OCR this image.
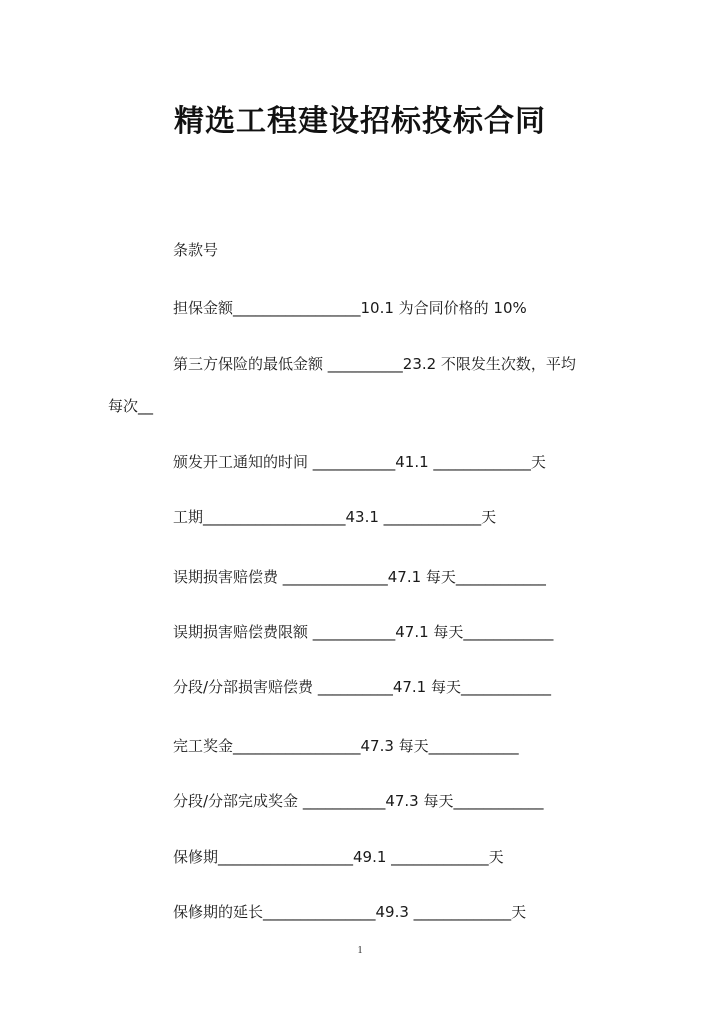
精选工程建设招标投标合同

条款号

担保金额_________________10.1 为合同价格的 10%

第三方保险的最低金额 __________23.2 不限发生次数，平均

每次__

颁发开工通知的时间 ___________41.1 _____________天

工期___________________43.1 _____________天

误期损害赔偿费 ______________47.1 每天____________

误期损害赔偿费限额 ___________47.1 每天____________

分段/分部损害赔偿费 __________47.1 每天____________

完工奖金_________________47.3 每天____________

分段/分部完成奖金 ___________47.3 每天____________

保修期__________________49.1 _____________天

保修期的延长_______________49.3 _____________天

1
